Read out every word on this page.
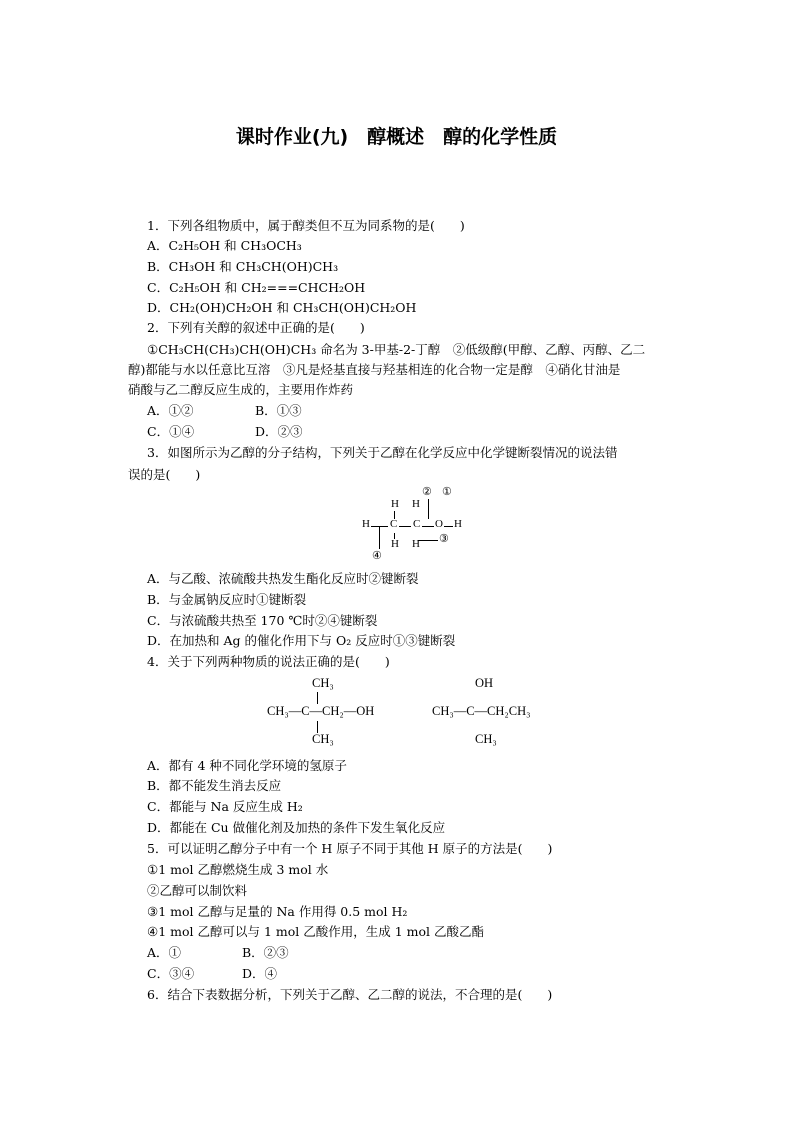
课时作业(九)　醇概述　醇的化学性质
1．下列各组物质中，属于醇类但不互为同系物的是(　　)
A．C₂H₅OH 和 CH₃OCH₃
B．CH₃OH 和 CH₃CH(OH)CH₃
C．C₂H₅OH 和 CH₂===CHCH₂OH
D．CH₂(OH)CH₂OH 和 CH₃CH(OH)CH₂OH
2．下列有关醇的叙述中正确的是(　　)
①CH₃CH(CH₃)CH(OH)CH₃ 命名为 3-甲基-2-丁醇　②低级醇(甲醇、乙醇、丙醇、乙二
醇)都能与水以任意比互溶　③凡是烃基直接与羟基相连的化合物一定是醇　④硝化甘油是
硝酸与乙二醇反应生成的，主要用作炸药
A．①②	B．①③
C．①④	D．②③
3．如图所示为乙醇的分子结构，下列关于乙醇在化学反应中化学键断裂情况的说法错
误的是(　　)
② ①
H H
H C C O H
H H ③
④
A．与乙酸、浓硫酸共热发生酯化反应时②键断裂
B．与金属钠反应时①键断裂
C．与浓硫酸共热至 170 ℃时②④键断裂
D．在加热和 Ag 的催化作用下与 O₂ 反应时①③键断裂
4．关于下列两种物质的说法正确的是(　　)
CH₃
CH₃—C—CH₂—OH
CH₃
OH
CH₃—C—CH₂CH₃
CH₃
A．都有 4 种不同化学环境的氢原子
B．都不能发生消去反应
C．都能与 Na 反应生成 H₂
D．都能在 Cu 做催化剂及加热的条件下发生氧化反应
5．可以证明乙醇分子中有一个 H 原子不同于其他 H 原子的方法是(　　)
①1 mol 乙醇燃烧生成 3 mol 水
②乙醇可以制饮料
③1 mol 乙醇与足量的 Na 作用得 0.5 mol H₂
④1 mol 乙醇可以与 1 mol 乙酸作用，生成 1 mol 乙酸乙酯
A．①	B．②③
C．③④	D．④
6．结合下表数据分析，下列关于乙醇、乙二醇的说法，不合理的是(　　)
